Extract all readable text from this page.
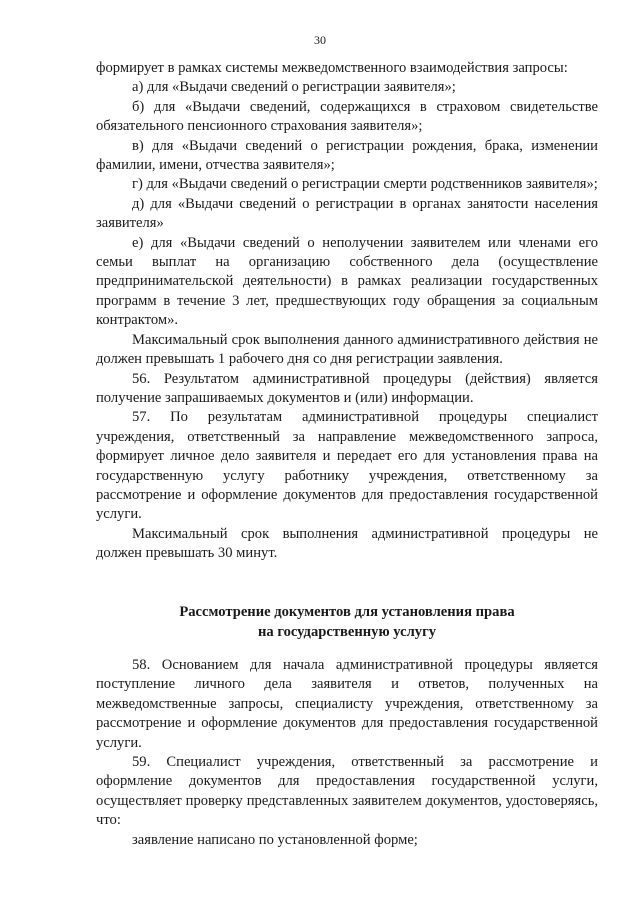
30

формирует в рамках системы межведомственного взаимодействия запросы:

а) для «Выдачи сведений о регистрации заявителя»;

б) для «Выдачи сведений, содержащихся в страховом свидетельстве обязательного пенсионного страхования заявителя»;

в) для «Выдачи сведений о регистрации рождения, брака, изменении фамилии, имени, отчества заявителя»;

г) для «Выдачи сведений о регистрации смерти родственников заявителя»;

д) для «Выдачи сведений о регистрации в органах занятости населения заявителя»

е) для «Выдачи сведений о неполучении заявителем или членами его семьи выплат на организацию собственного дела (осуществление предпринимательской деятельности) в рамках реализации государственных программ в течение 3 лет, предшествующих году обращения за социальным контрактом».

Максимальный срок выполнения данного административного действия не должен превышать 1 рабочего дня со дня регистрации заявления.

56. Результатом административной процедуры (действия) является получение запрашиваемых документов и (или) информации.

57. По результатам административной процедуры специалист учреждения, ответственный за направление межведомственного запроса, формирует личное дело заявителя и передает его для установления права на государственную услугу работнику учреждения, ответственному за рассмотрение и оформление документов для предоставления государственной услуги.

Максимальный срок выполнения административной процедуры не должен превышать 30 минут.

Рассмотрение документов для установления права
на государственную услугу

58. Основанием для начала административной процедуры является поступление личного дела заявителя и ответов, полученных на межведомственные запросы, специалисту учреждения, ответственному за рассмотрение и оформление документов для предоставления государственной услуги.

59. Специалист учреждения, ответственный за рассмотрение и оформление документов для предоставления государственной услуги, осуществляет проверку представленных заявителем документов, удостоверяясь, что:

заявление написано по установленной форме;
